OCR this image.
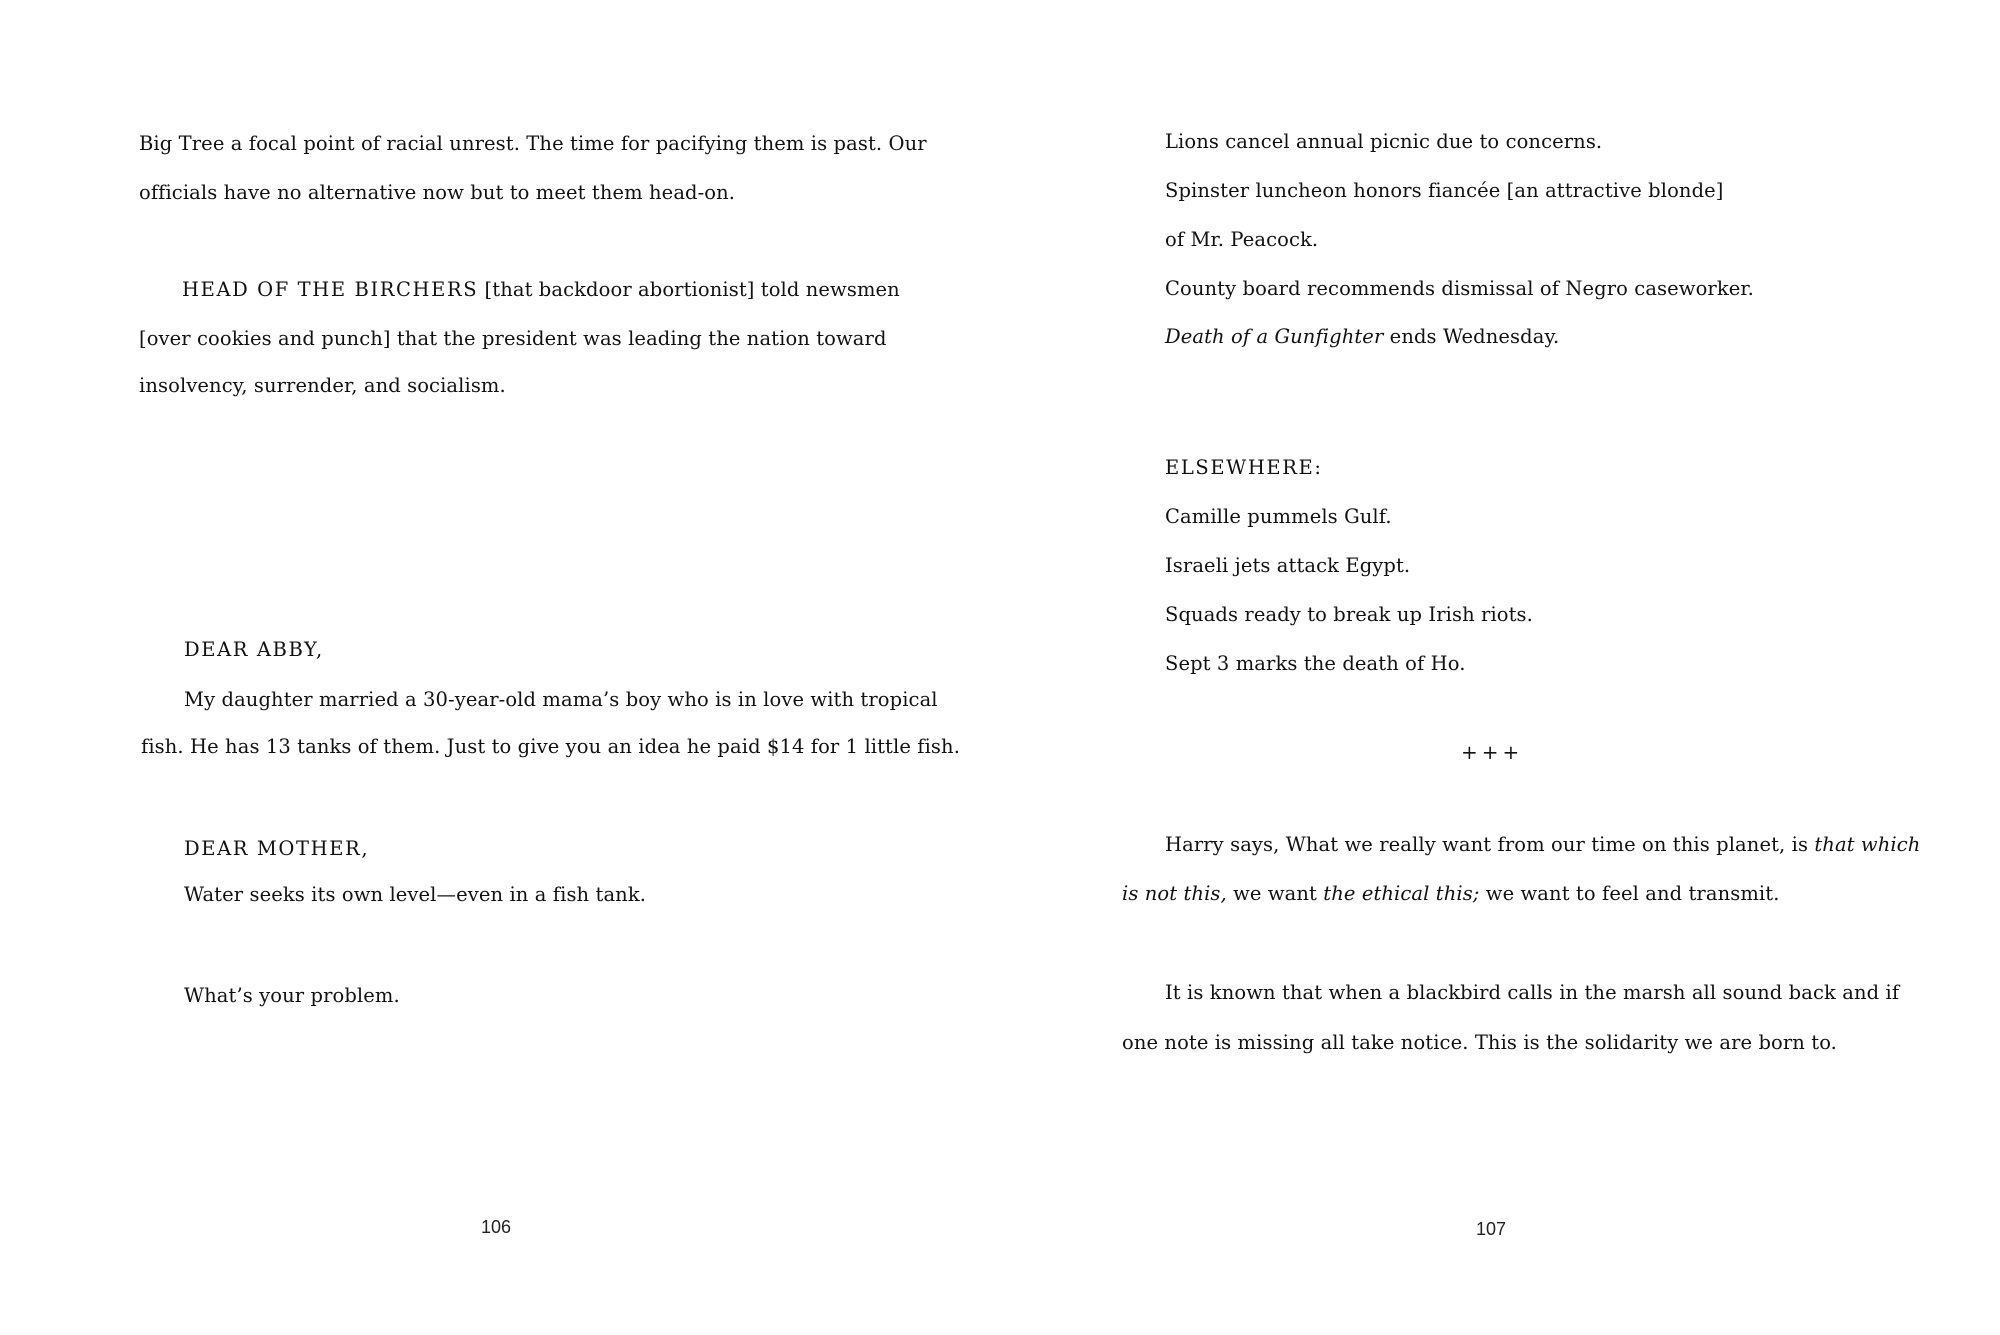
Big Tree a focal point of racial unrest. The time for pacifying them is past. Our
officials have no alternative now but to meet them head-on.
HEAD OF THE BIRCHERS [that backdoor abortionist] told newsmen
[over cookies and punch] that the president was leading the nation toward
insolvency, surrender, and socialism.
DEAR ABBY,
My daughter married a 30-year-old mama’s boy who is in love with tropical
fish. He has 13 tanks of them. Just to give you an idea he paid $14 for 1 little fish.
DEAR MOTHER,
Water seeks its own level—even in a fish tank.
What’s your problem.
106
Lions cancel annual picnic due to concerns.
Spinster luncheon honors fiancée [an attractive blonde]
of Mr. Peacock.
County board recommends dismissal of Negro caseworker.
Death of a Gunfighter ends Wednesday.
ELSEWHERE:
Camille pummels Gulf.
Israeli jets attack Egypt.
Squads ready to break up Irish riots.
Sept 3 marks the death of Ho.
+++
Harry says, What we really want from our time on this planet, is that which
is not this, we want the ethical this; we want to feel and transmit.
It is known that when a blackbird calls in the marsh all sound back and if
one note is missing all take notice. This is the solidarity we are born to.
107
